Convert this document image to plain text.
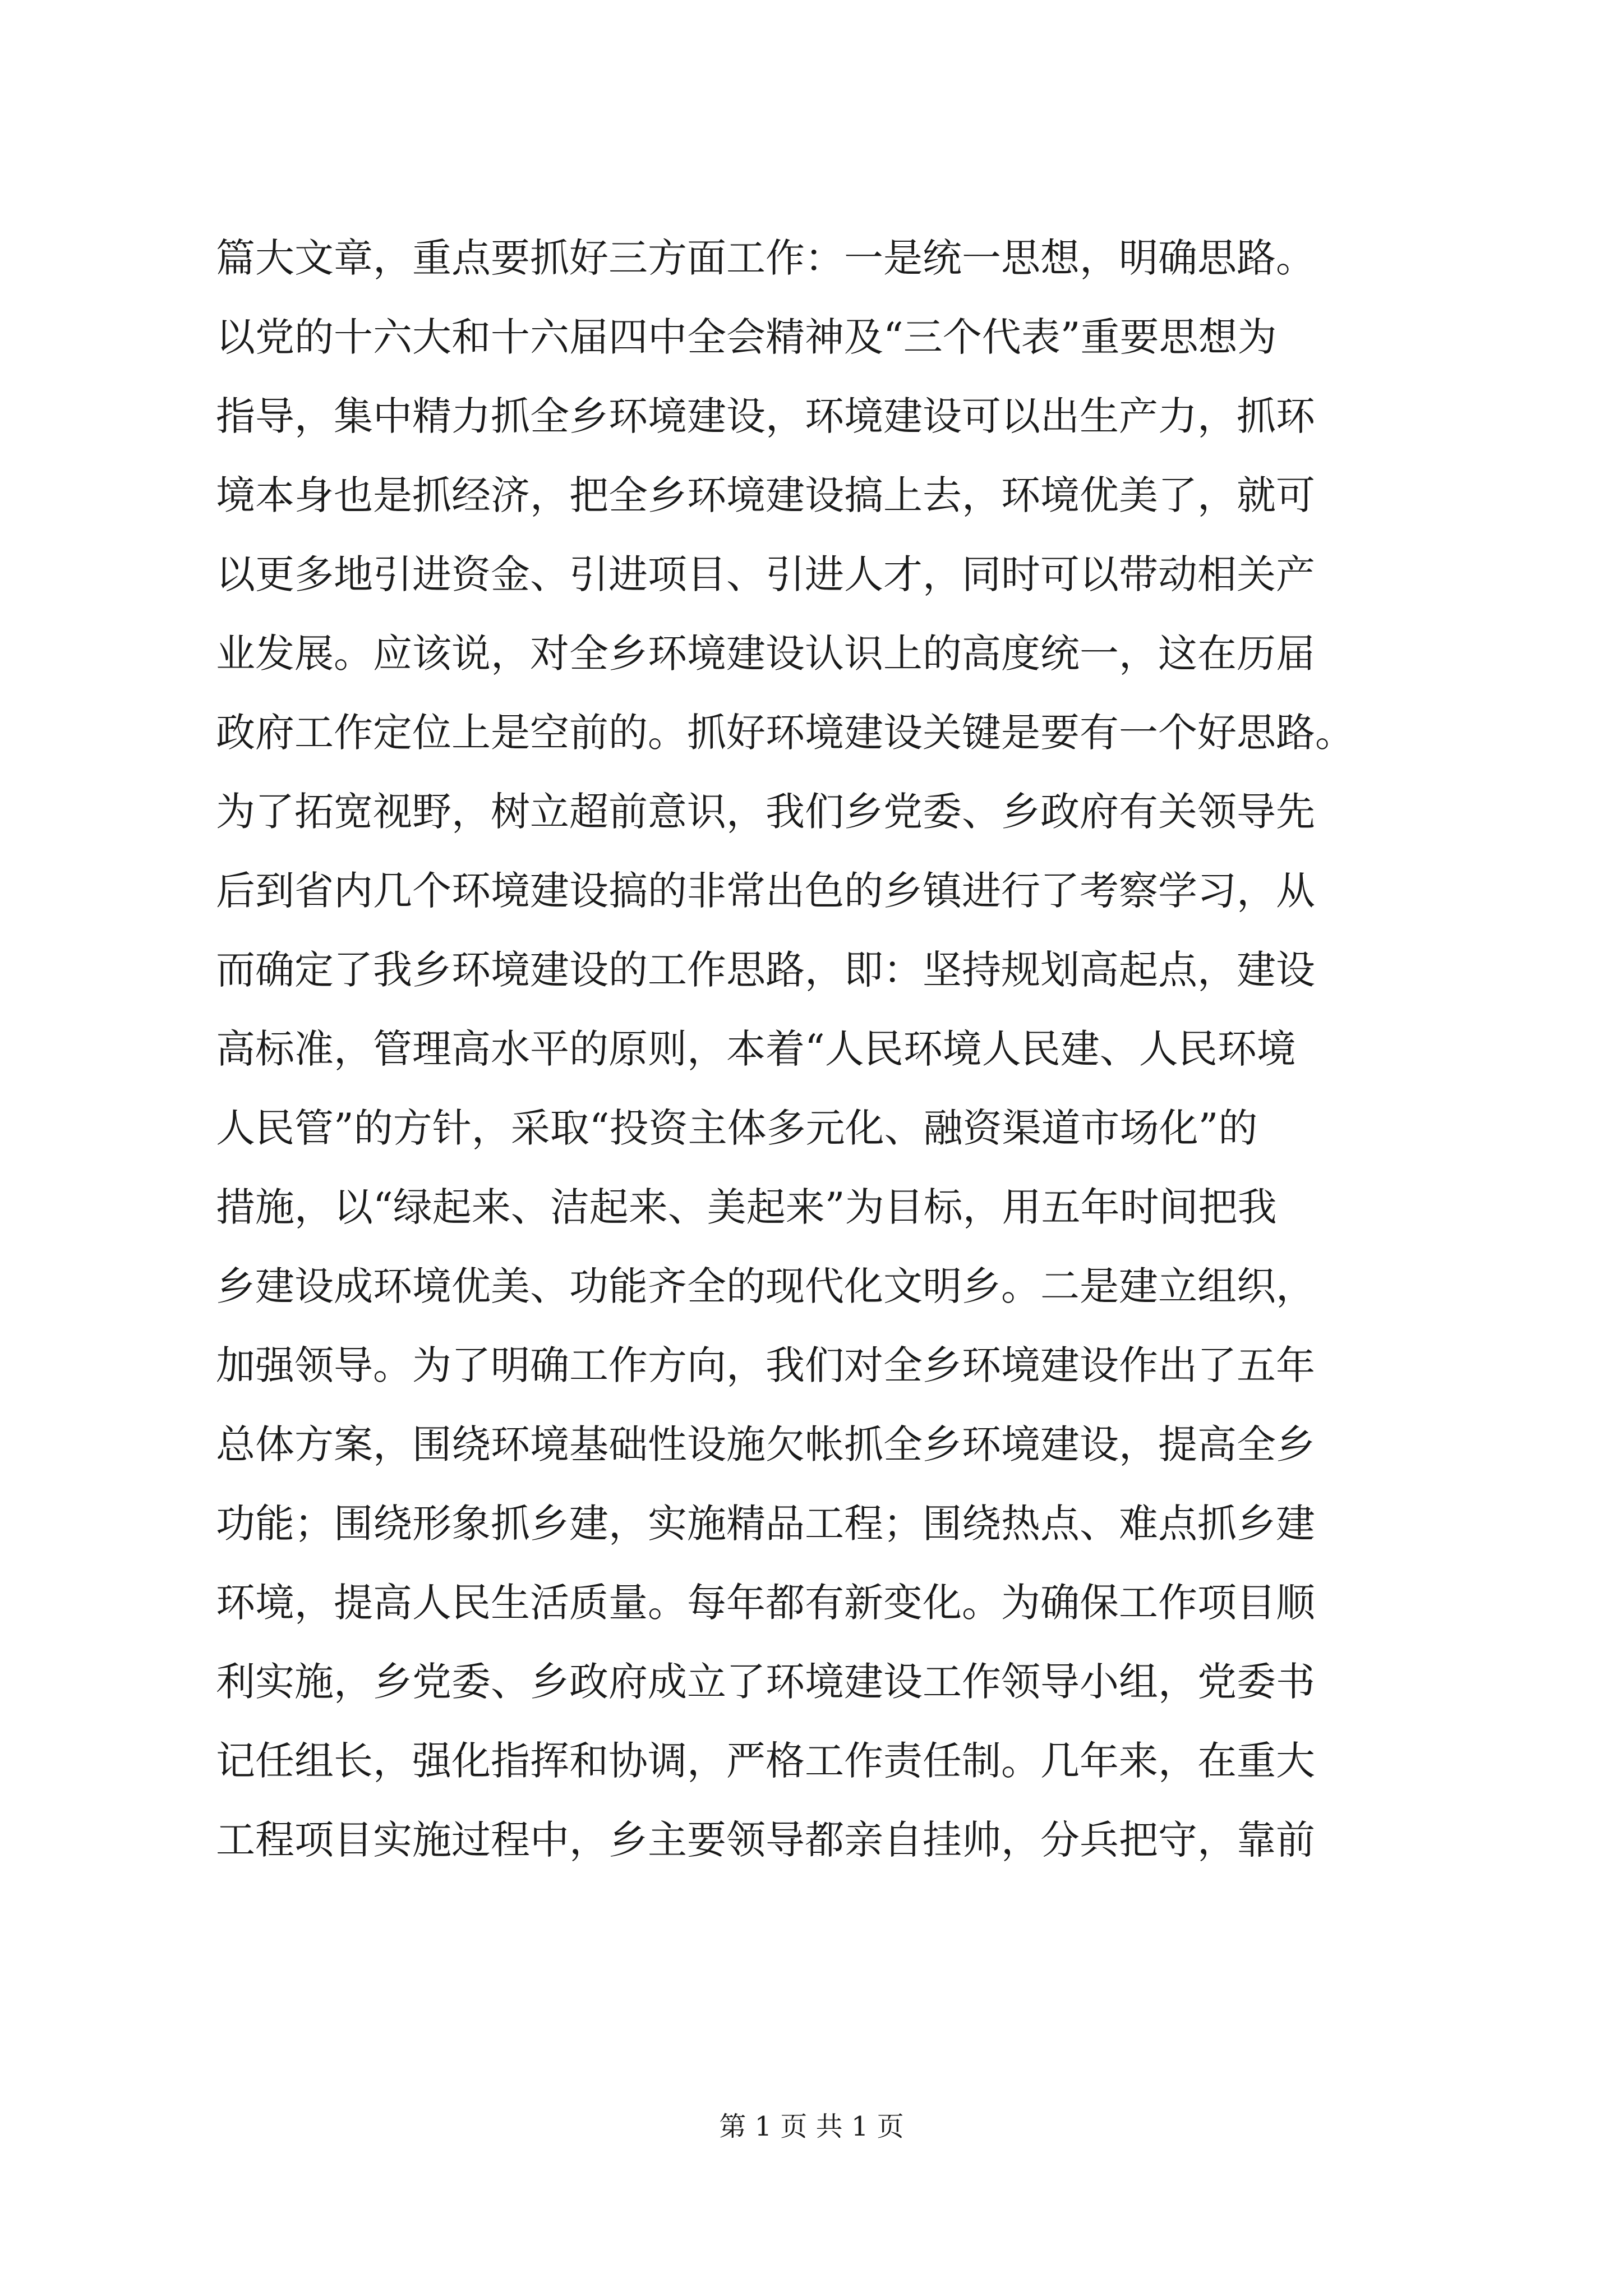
篇大文章，重点要抓好三方面工作：一是统一思想，明确思路。
以党的十六大和十六届四中全会精神及“三个代表”重要思想为
指导，集中精力抓全乡环境建设，环境建设可以出生产力，抓环
境本身也是抓经济，把全乡环境建设搞上去，环境优美了，就可
以更多地引进资金、引进项目、引进人才，同时可以带动相关产
业发展。应该说，对全乡环境建设认识上的高度统一，这在历届
政府工作定位上是空前的。抓好环境建设关键是要有一个好思路。
为了拓宽视野，树立超前意识，我们乡党委、乡政府有关领导先
后到省内几个环境建设搞的非常出色的乡镇进行了考察学习，从
而确定了我乡环境建设的工作思路，即：坚持规划高起点，建设
高标准，管理高水平的原则，本着“人民环境人民建、人民环境
人民管”的方针，采取“投资主体多元化、融资渠道市场化”的
措施，以“绿起来、洁起来、美起来”为目标，用五年时间把我
乡建设成环境优美、功能齐全的现代化文明乡。二是建立组织，
加强领导。为了明确工作方向，我们对全乡环境建设作出了五年
总体方案，围绕环境基础性设施欠帐抓全乡环境建设，提高全乡
功能；围绕形象抓乡建，实施精品工程；围绕热点、难点抓乡建
环境，提高人民生活质量。每年都有新变化。为确保工作项目顺
利实施，乡党委、乡政府成立了环境建设工作领导小组，党委书
记任组长，强化指挥和协调，严格工作责任制。几年来，在重大
工程项目实施过程中，乡主要领导都亲自挂帅，分兵把守，靠前
第 1 页 共 1 页
